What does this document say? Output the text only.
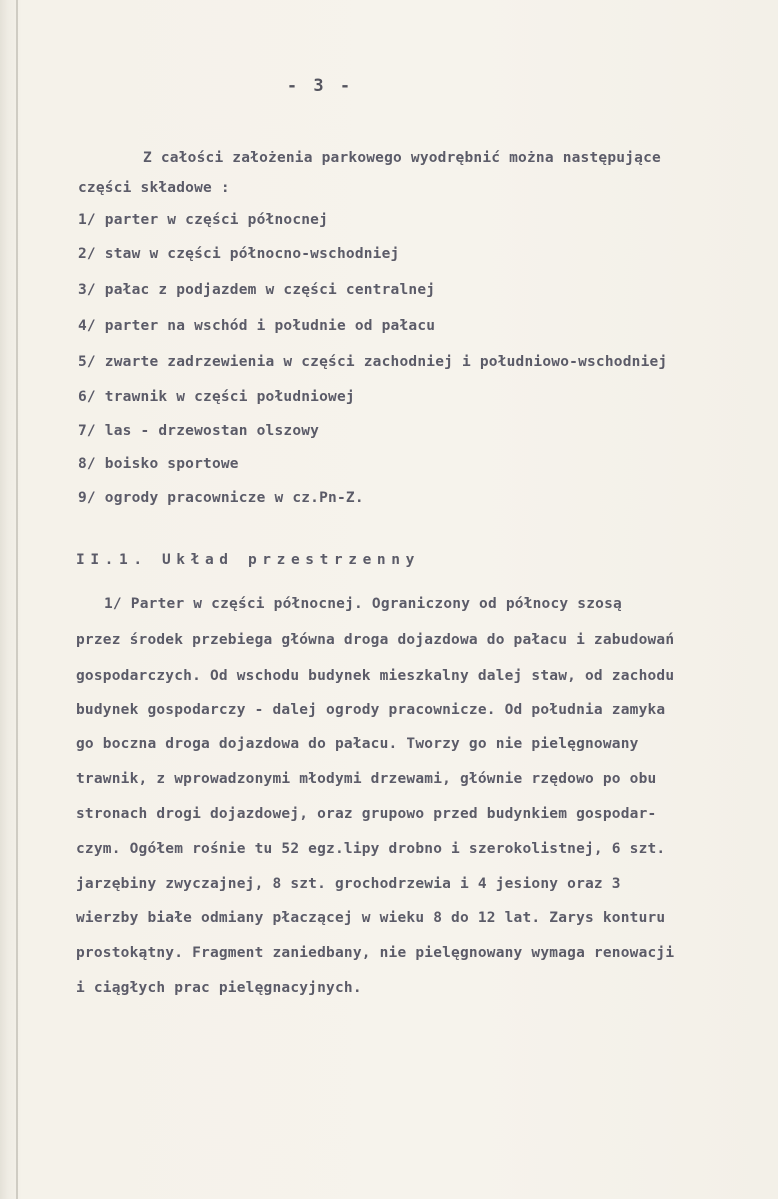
- 3 -
Z całości założenia parkowego wyodrębnić można następujące
części składowe :
1/ parter w części północnej
2/ staw w części północno-wschodniej
3/ pałac z podjazdem w części centralnej
4/ parter na wschód i południe od pałacu
5/ zwarte zadrzewienia w części zachodniej i południowo-wschodniej
6/ trawnik w części południowej
7/ las - drzewostan olszowy
8/ boisko sportowe
9/ ogrody pracownicze w cz.Pn-Z.
II.1. Układ przestrzenny
1/ Parter w części północnej. Ograniczony od północy szosą
przez środek przebiega główna droga dojazdowa do pałacu i zabudowań
gospodarczych. Od wschodu budynek mieszkalny dalej staw, od zachodu
budynek gospodarczy - dalej ogrody pracownicze. Od południa zamyka
go boczna droga dojazdowa do pałacu. Tworzy go nie pielęgnowany
trawnik, z wprowadzonymi młodymi drzewami, głównie rzędowo po obu
stronach drogi dojazdowej, oraz grupowo przed budynkiem gospodar-
czym. Ogółem rośnie tu 52 egz.lipy drobno i szerokolistnej, 6 szt.
jarzębiny zwyczajnej, 8 szt. grochodrzewia i 4 jesiony oraz 3
wierzby białe odmiany płaczącej w wieku 8 do 12 lat. Zarys konturu
prostokątny. Fragment zaniedbany, nie pielęgnowany wymaga renowacji
i ciągłych prac pielęgnacyjnych.
